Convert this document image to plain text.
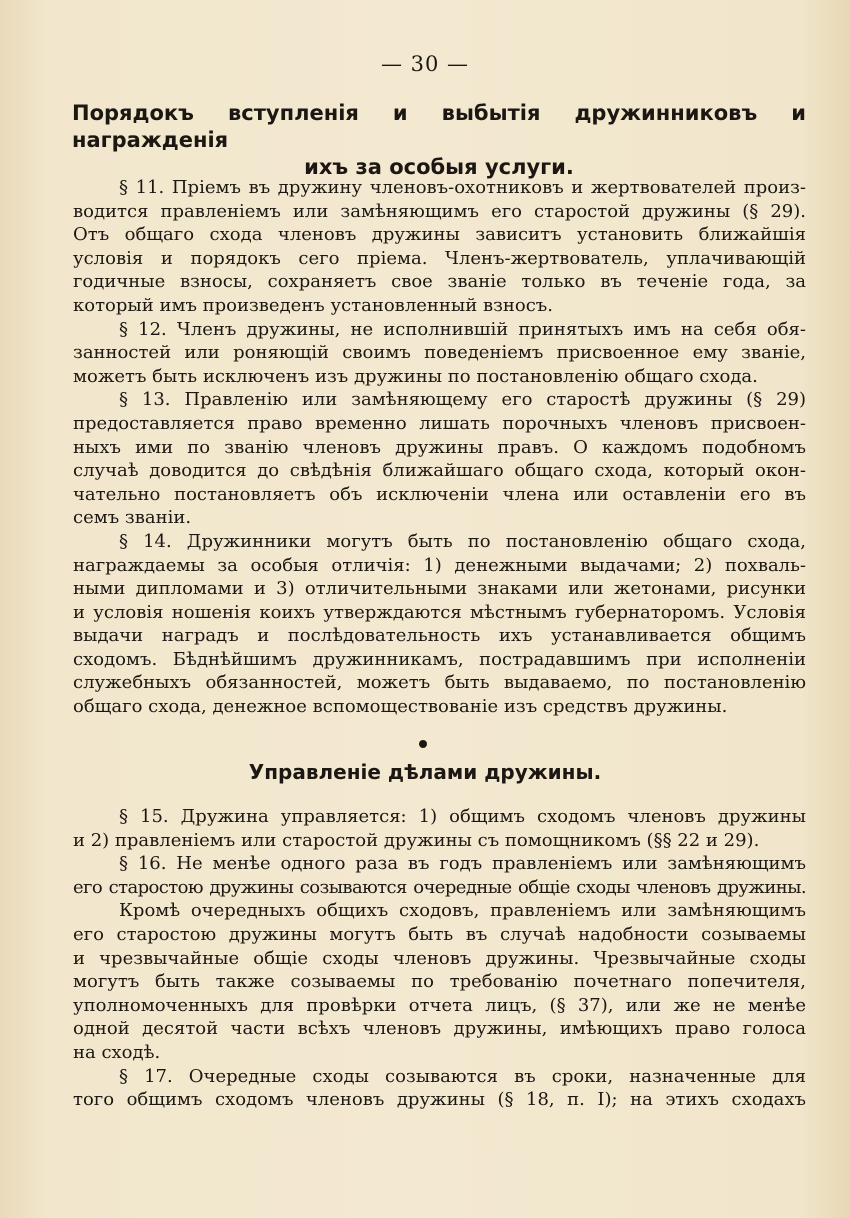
— 30 —
Порядокъ вступленія и выбытія дружинниковъ и награжденія
ихъ за особыя услуги.
§ 11. Пріемъ въ дружину членовъ-охотниковъ и жертвователей произ-
водится правленіемъ или замѣняющимъ его старостой дружины (§ 29).
Отъ общаго схода членовъ дружины зависитъ установить ближайшія
условія и порядокъ сего пріема. Членъ-жертвователь, уплачивающій
годичные взносы, сохраняетъ свое званіе только въ теченіе года, за
который имъ произведенъ установленный взносъ.
§ 12. Членъ дружины, не исполнившій принятыхъ имъ на себя обя-
занностей или роняющій своимъ поведеніемъ присвоенное ему званіе,
можетъ быть исключенъ изъ дружины по постановленію общаго схода.
§ 13. Правленію или замѣняющему его старостѣ дружины (§ 29)
предоставляется право временно лишать порочныхъ членовъ присвоен-
ныхъ ими по званію членовъ дружины правъ. О каждомъ подобномъ
случаѣ доводится до свѣдѣнія ближайшаго общаго схода, который окон-
чательно постановляетъ объ исключеніи члена или оставленіи его въ
семъ званіи.
§ 14. Дружинники могутъ быть по постановленію общаго схода,
награждаемы за особыя отличія: 1) денежными выдачами; 2) похваль-
ными дипломами и 3) отличительными знаками или жетонами, рисунки
и условія ношенія коихъ утверждаются мѣстнымъ губернаторомъ. Условія
выдачи наградъ и послѣдовательность ихъ устанавливается общимъ
сходомъ. Бѣднѣйшимъ дружинникамъ, пострадавшимъ при исполненіи
служебныхъ обязанностей, можетъ быть выдаваемо, по постановленію
общаго схода, денежное вспомоществованіе изъ средствъ дружины.
Управленіе дѣлами дружины.
§ 15. Дружина управляется: 1) общимъ сходомъ членовъ дружины
и 2) правленіемъ или старостой дружины съ помощникомъ (§§ 22 и 29).
§ 16. Не менѣе одного раза въ годъ правленіемъ или замѣняющимъ
его старостою дружины созываются очередные общіе сходы членовъ дружины.
Кромѣ очередныхъ общихъ сходовъ, правленіемъ или замѣняющимъ
его старостою дружины могутъ быть въ случаѣ надобности созываемы
и чрезвычайные общіе сходы членовъ дружины. Чрезвычайные сходы
могутъ быть также созываемы по требованію почетнаго попечителя,
уполномоченныхъ для провѣрки отчета лицъ, (§ 37), или же не менѣе
одной десятой части всѣхъ членовъ дружины, имѣющихъ право голоса
на сходѣ.
§ 17. Очередные сходы созываются въ сроки, назначенные для
того общимъ сходомъ членовъ дружины (§ 18, п. I); на этихъ сходахъ
